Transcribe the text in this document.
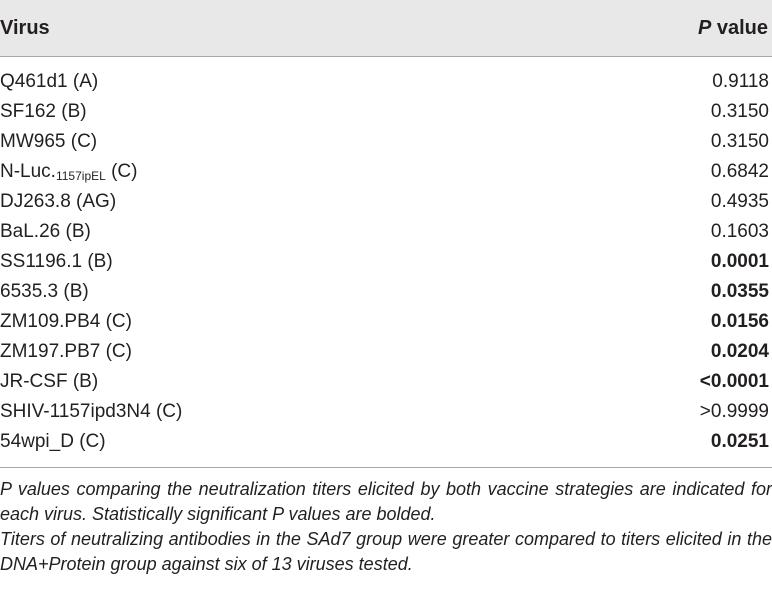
Virus	P value
Q461d1 (A)	0.9118
SF162 (B)	0.3150
MW965 (C)	0.3150
$N-Luc._{1157ipEL}$ (C)	0.6842
DJ263.8 (AG)	0.4935
BaL.26 (B)	0.1603
SS1196.1 (B)	0.0001
6535.3 (B)	0.0355
ZM109.PB4 (C)	0.0156
ZM197.PB7 (C)	0.0204
JR-CSF (B)	<0.0001
SHIV-1157ipd3N4 (C)	>0.9999
54wpi_D (C)	0.0251

P values comparing the neutralization titers elicited by both vaccine strategies are indicated for each virus. Statistically significant P values are bolded.

Titers of neutralizing antibodies in the SAd7 group were greater compared to titers elicited in the DNA+Protein group against six of 13 viruses tested.
